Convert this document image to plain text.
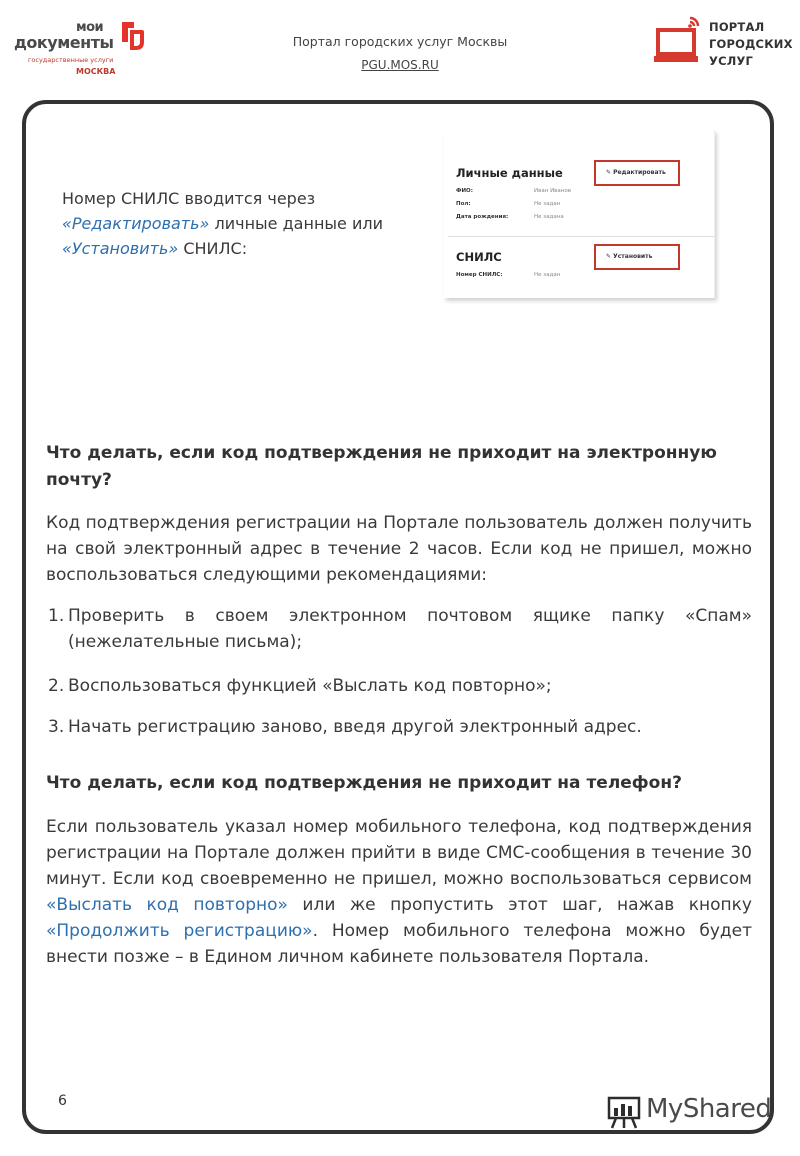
мои
документы
государственные услуги
МОСКВА
Портал городских услуг Москвы
PGU.MOS.RU
ПОРТАЛ
ГОРОДСКИХ
УСЛУГ
Номер СНИЛС вводится через «Редактировать» личные данные или «Установить» СНИЛС:
Личные данные	✎ Редактировать
ФИО:	Иван Иванов
Пол:	Не задан
Дата рождения:	Не задана
СНИЛС	✎ Установить
Номер СНИЛС:	Не задан
Что делать, если код подтверждения не приходит на электронную почту?
Код подтверждения регистрации на Портале пользователь должен получить на свой электронный адрес в течение 2 часов. Если код не пришел, можно воспользоваться следующими рекомендациями:
1. Проверить в своем электронном почтовом ящике папку «Спам» (нежелательные письма);
2. Воспользоваться функцией «Выслать код повторно»;
3. Начать регистрацию заново, введя другой электронный адрес.
Что делать, если код подтверждения не приходит на телефон?
Если пользователь указал номер мобильного телефона, код подтверждения регистрации на Портале должен прийти в виде СМС-сообщения в течение 30 минут. Если код своевременно не пришел, можно воспользоваться сервисом «Выслать код повторно» или же пропустить этот шаг, нажав кнопку «Продолжить регистрацию». Номер мобильного телефона можно будет внести позже – в Едином личном кабинете пользователя Портала.
6	MyShared
